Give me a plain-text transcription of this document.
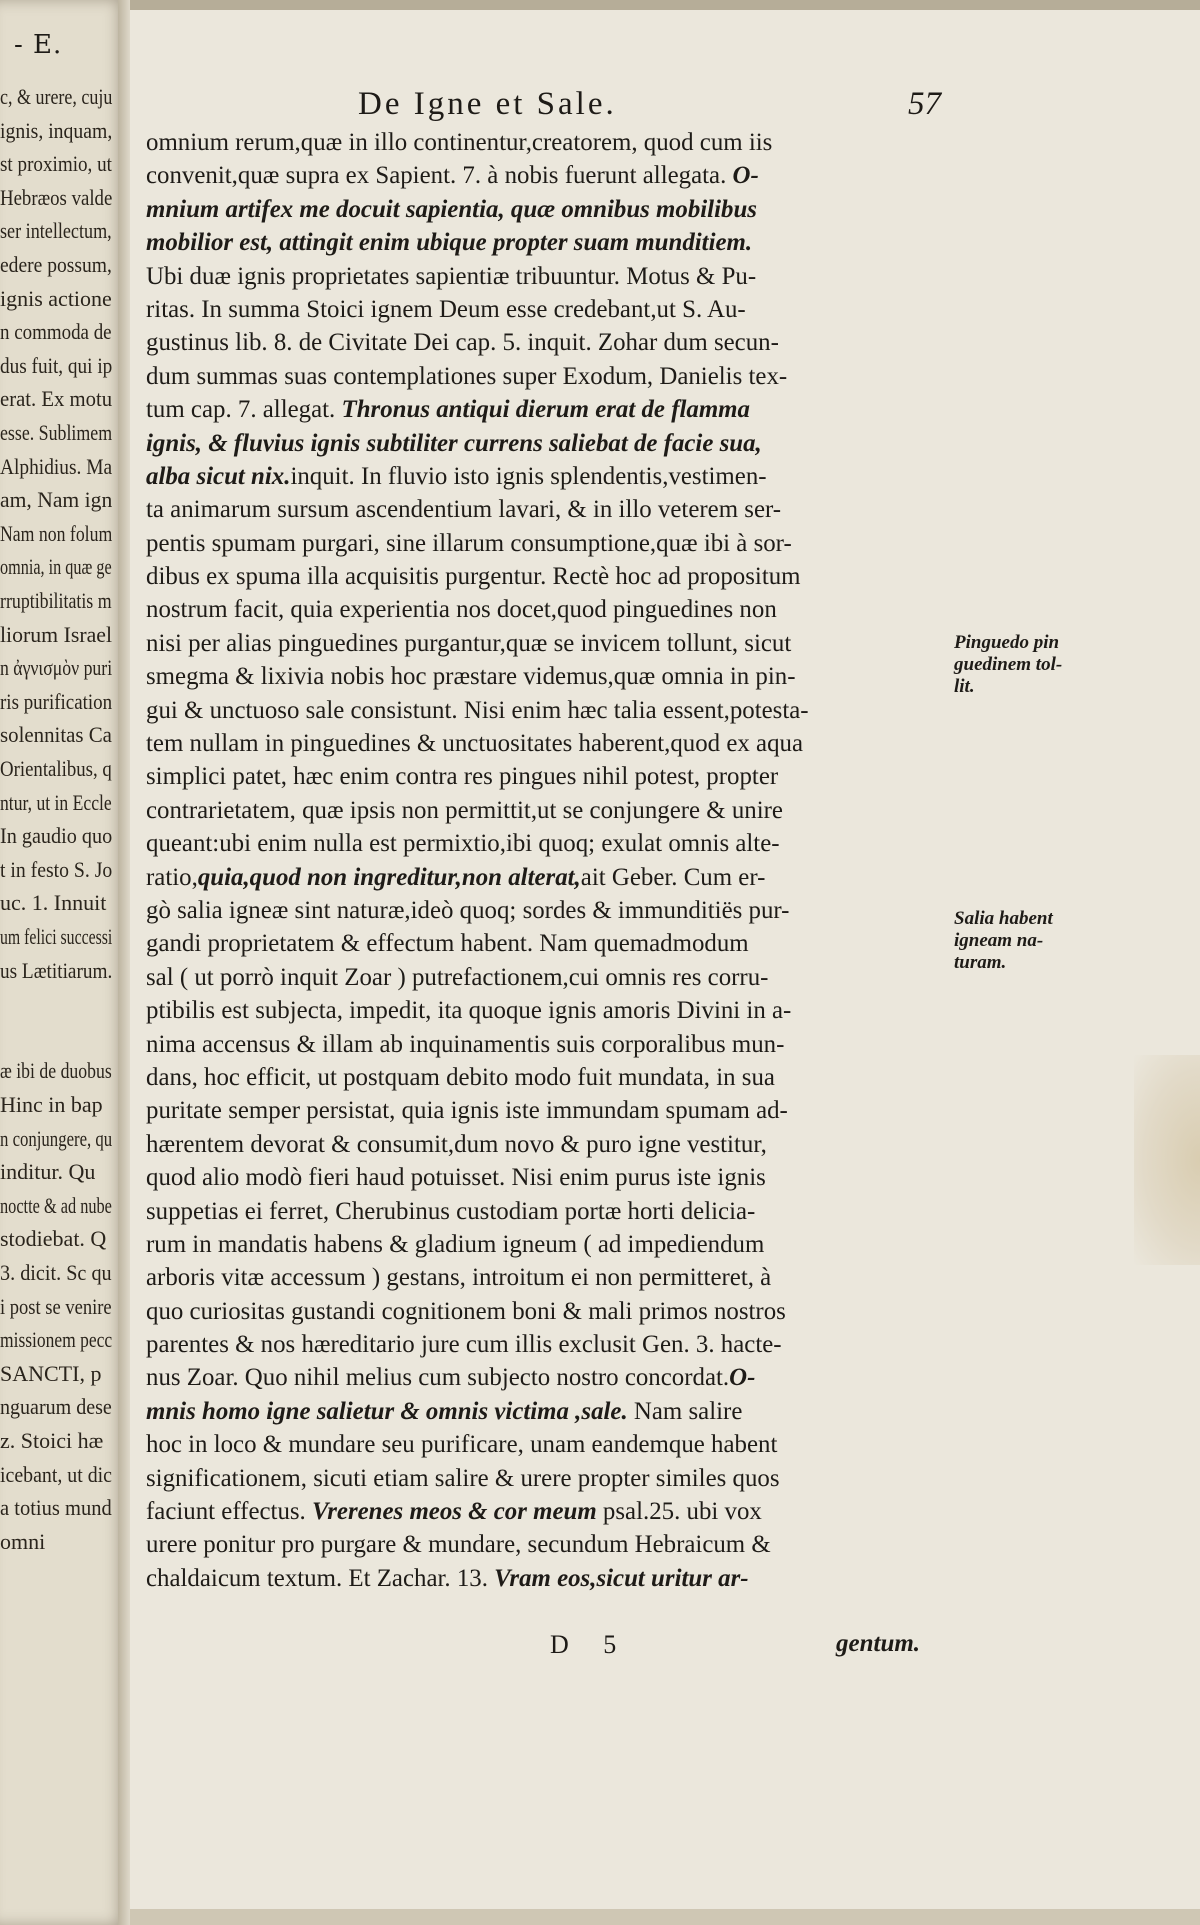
- E.
c, & urere, cuju
ignis, inquam,
st proximio, ut
Hebræos valde
ser intellectum,
edere possum,
ignis actione
n commoda de
dus fuit, qui ip
erat. Ex motu
esse. Sublimem
Alphidius. Ma
am, Nam ign
Nam non folum
omnia, in quæ ge
rruptibilitatis m
liorum Israel
n ἀγνισμὸν puri
ris purification
solennitas Ca
Orientalibus, q
ntur, ut in Eccle
In gaudio quo
t in festo S. Jo
uc. 1. Innuit
um felici successi
us Lætitiarum.
æ ibi de duobus
Hinc in bap
n conjungere, qu
inditur. Qu
noctte & ad nube
stodiebat. Q
3. dicit. Sc qu
i post se venire
missionem pecc
SANCTI, p
nguarum dese
z. Stoici hæ
icebant, ut dic
a totius mund
omni
De Igne et Sale.	57
omnium rerum,quæ in illo continentur,creatorem, quod cum iis
convenit,quæ supra ex Sapient. 7. à nobis fuerunt allegata. O-
mnium artifex me docuit sapientia, quæ omnibus mobilibus
mobilior est, attingit enim ubique propter suam munditiem.
Ubi duæ ignis proprietates sapientiæ tribuuntur. Motus & Pu-
ritas. In summa Stoici ignem Deum esse credebant,ut S. Au-
gustinus lib. 8. de Civitate Dei cap. 5. inquit. Zohar dum secun-
dum summas suas contemplationes super Exodum, Danielis tex-
tum cap. 7. allegat. Thronus antiqui dierum erat de flamma
ignis, & fluvius ignis subtiliter currens saliebat de facie sua,
alba sicut nix.inquit. In fluvio isto ignis splendentis,vestimen-
ta animarum sursum ascendentium lavari, & in illo veterem ser-
pentis spumam purgari, sine illarum consumptione,quæ ibi à sor-
dibus ex spuma illa acquisitis purgentur. Rectè hoc ad propositum
nostrum facit, quia experientia nos docet,quod pinguedines non
nisi per alias pinguedines purgantur,quæ se invicem tollunt, sicut
smegma & lixivia nobis hoc præstare videmus,quæ omnia in pin-
gui & unctuoso sale consistunt. Nisi enim hæc talia essent,potesta-
tem nullam in pinguedines & unctuositates haberent,quod ex aqua
simplici patet, hæc enim contra res pingues nihil potest, propter
contrarietatem, quæ ipsis non permittit,ut se conjungere & unire
queant:ubi enim nulla est permixtio,ibi quoq; exulat omnis alte-
ratio,quia,quod non ingreditur,non alterat,ait Geber. Cum er-
gò salia igneæ sint naturæ,ideò quoq; sordes & immunditiës pur-
gandi proprietatem & effectum habent. Nam quemadmodum
sal ( ut porrò inquit Zoar ) putrefactionem,cui omnis res corru-
ptibilis est subjecta, impedit, ita quoque ignis amoris Divini in a-
nima accensus & illam ab inquinamentis suis corporalibus mun-
dans, hoc efficit, ut postquam debito modo fuit mundata, in sua
puritate semper persistat, quia ignis iste immundam spumam ad-
hærentem devorat & consumit,dum novo & puro igne vestitur,
quod alio modò fieri haud potuisset. Nisi enim purus iste ignis
suppetias ei ferret, Cherubinus custodiam portæ horti delicia-
rum in mandatis habens & gladium igneum ( ad impediendum
arboris vitæ accessum ) gestans, introitum ei non permitteret, à
quo curiositas gustandi cognitionem boni & mali primos nostros
parentes & nos hæreditario jure cum illis exclusit Gen. 3. hacte-
nus Zoar. Quo nihil melius cum subjecto nostro concordat.O-
mnis homo igne salietur & omnis victima ,sale. Nam salire
hoc in loco & mundare seu purificare, unam eandemque habent
significationem, sicuti etiam salire & urere propter similes quos
faciunt effectus. Vrerenes meos & cor meum psal.25. ubi vox
urere ponitur pro purgare & mundare, secundum Hebraicum &
chaldaicum textum. Et Zachar. 13. Vram eos,sicut uritur ar-
Pinguedo pin
guedinem tol-
lit.
Salia habent
igneam na-
turam.
D 5	gentum.
